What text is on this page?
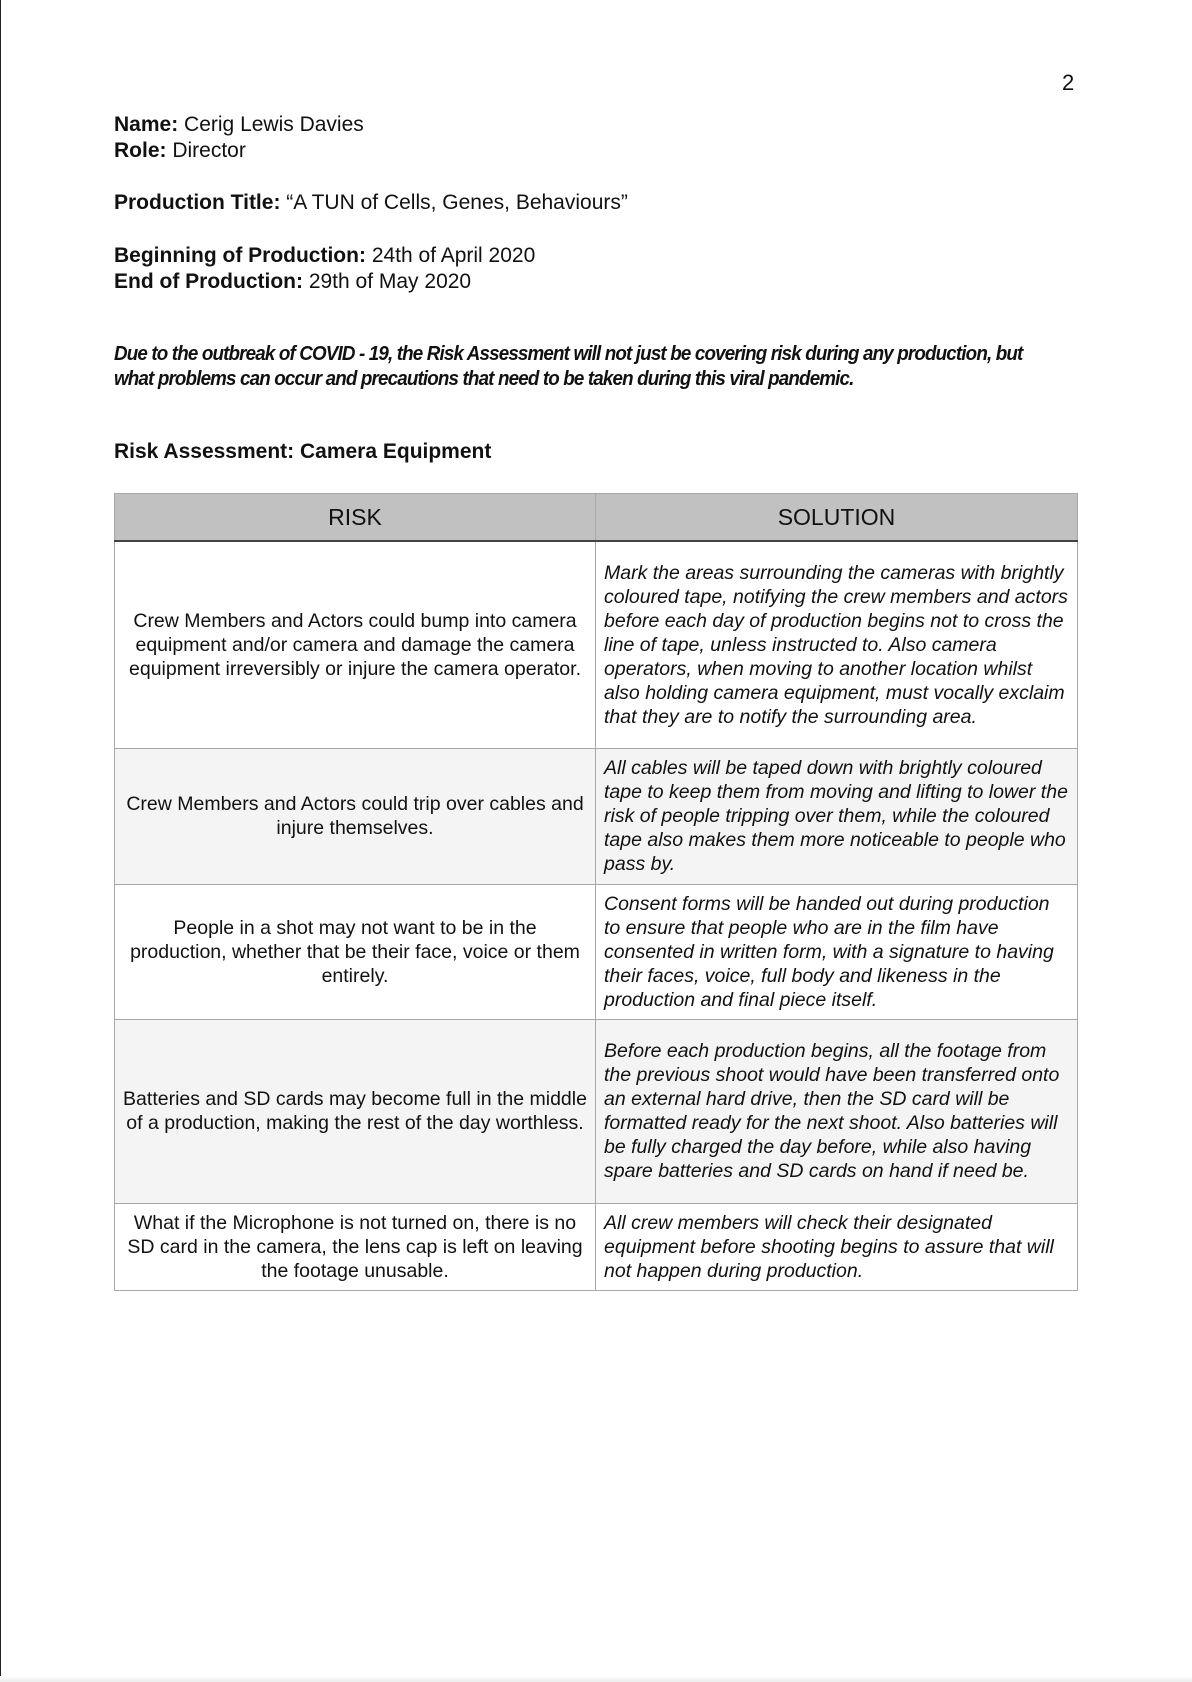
2
Name: Cerig Lewis Davies
Role: Director
Production Title: “A TUN of Cells, Genes, Behaviours”
Beginning of Production: 24th of April 2020
End of Production: 29th of May 2020
Due to the outbreak of COVID - 19, the Risk Assessment will not just be covering risk during any production, but
what problems can occur and precautions that need to be taken during this viral pandemic.
Risk Assessment: Camera Equipment
RISK	SOLUTION
Crew Members and Actors could bump into camera equipment and/or camera and damage the camera equipment irreversibly or injure the camera operator.	Mark the areas surrounding the cameras with brightly coloured tape, notifying the crew members and actors before each day of production begins not to cross the line of tape, unless instructed to. Also camera operators, when moving to another location whilst also holding camera equipment, must vocally exclaim that they are to notify the surrounding area.
Crew Members and Actors could trip over cables and injure themselves.	All cables will be taped down with brightly coloured tape to keep them from moving and lifting to lower the risk of people tripping over them, while the coloured tape also makes them more noticeable to people who pass by.
People in a shot may not want to be in the production, whether that be their face, voice or them entirely.	Consent forms will be handed out during production to ensure that people who are in the film have consented in written form, with a signature to having their faces, voice, full body and likeness in the production and final piece itself.
Batteries and SD cards may become full in the middle of a production, making the rest of the day worthless.	Before each production begins, all the footage from the previous shoot would have been transferred onto an external hard drive, then the SD card will be formatted ready for the next shoot. Also batteries will be fully charged the day before, while also having spare batteries and SD cards on hand if need be.
What if the Microphone is not turned on, there is no SD card in the camera, the lens cap is left on leaving the footage unusable.	All crew members will check their designated equipment before shooting begins to assure that will not happen during production.
